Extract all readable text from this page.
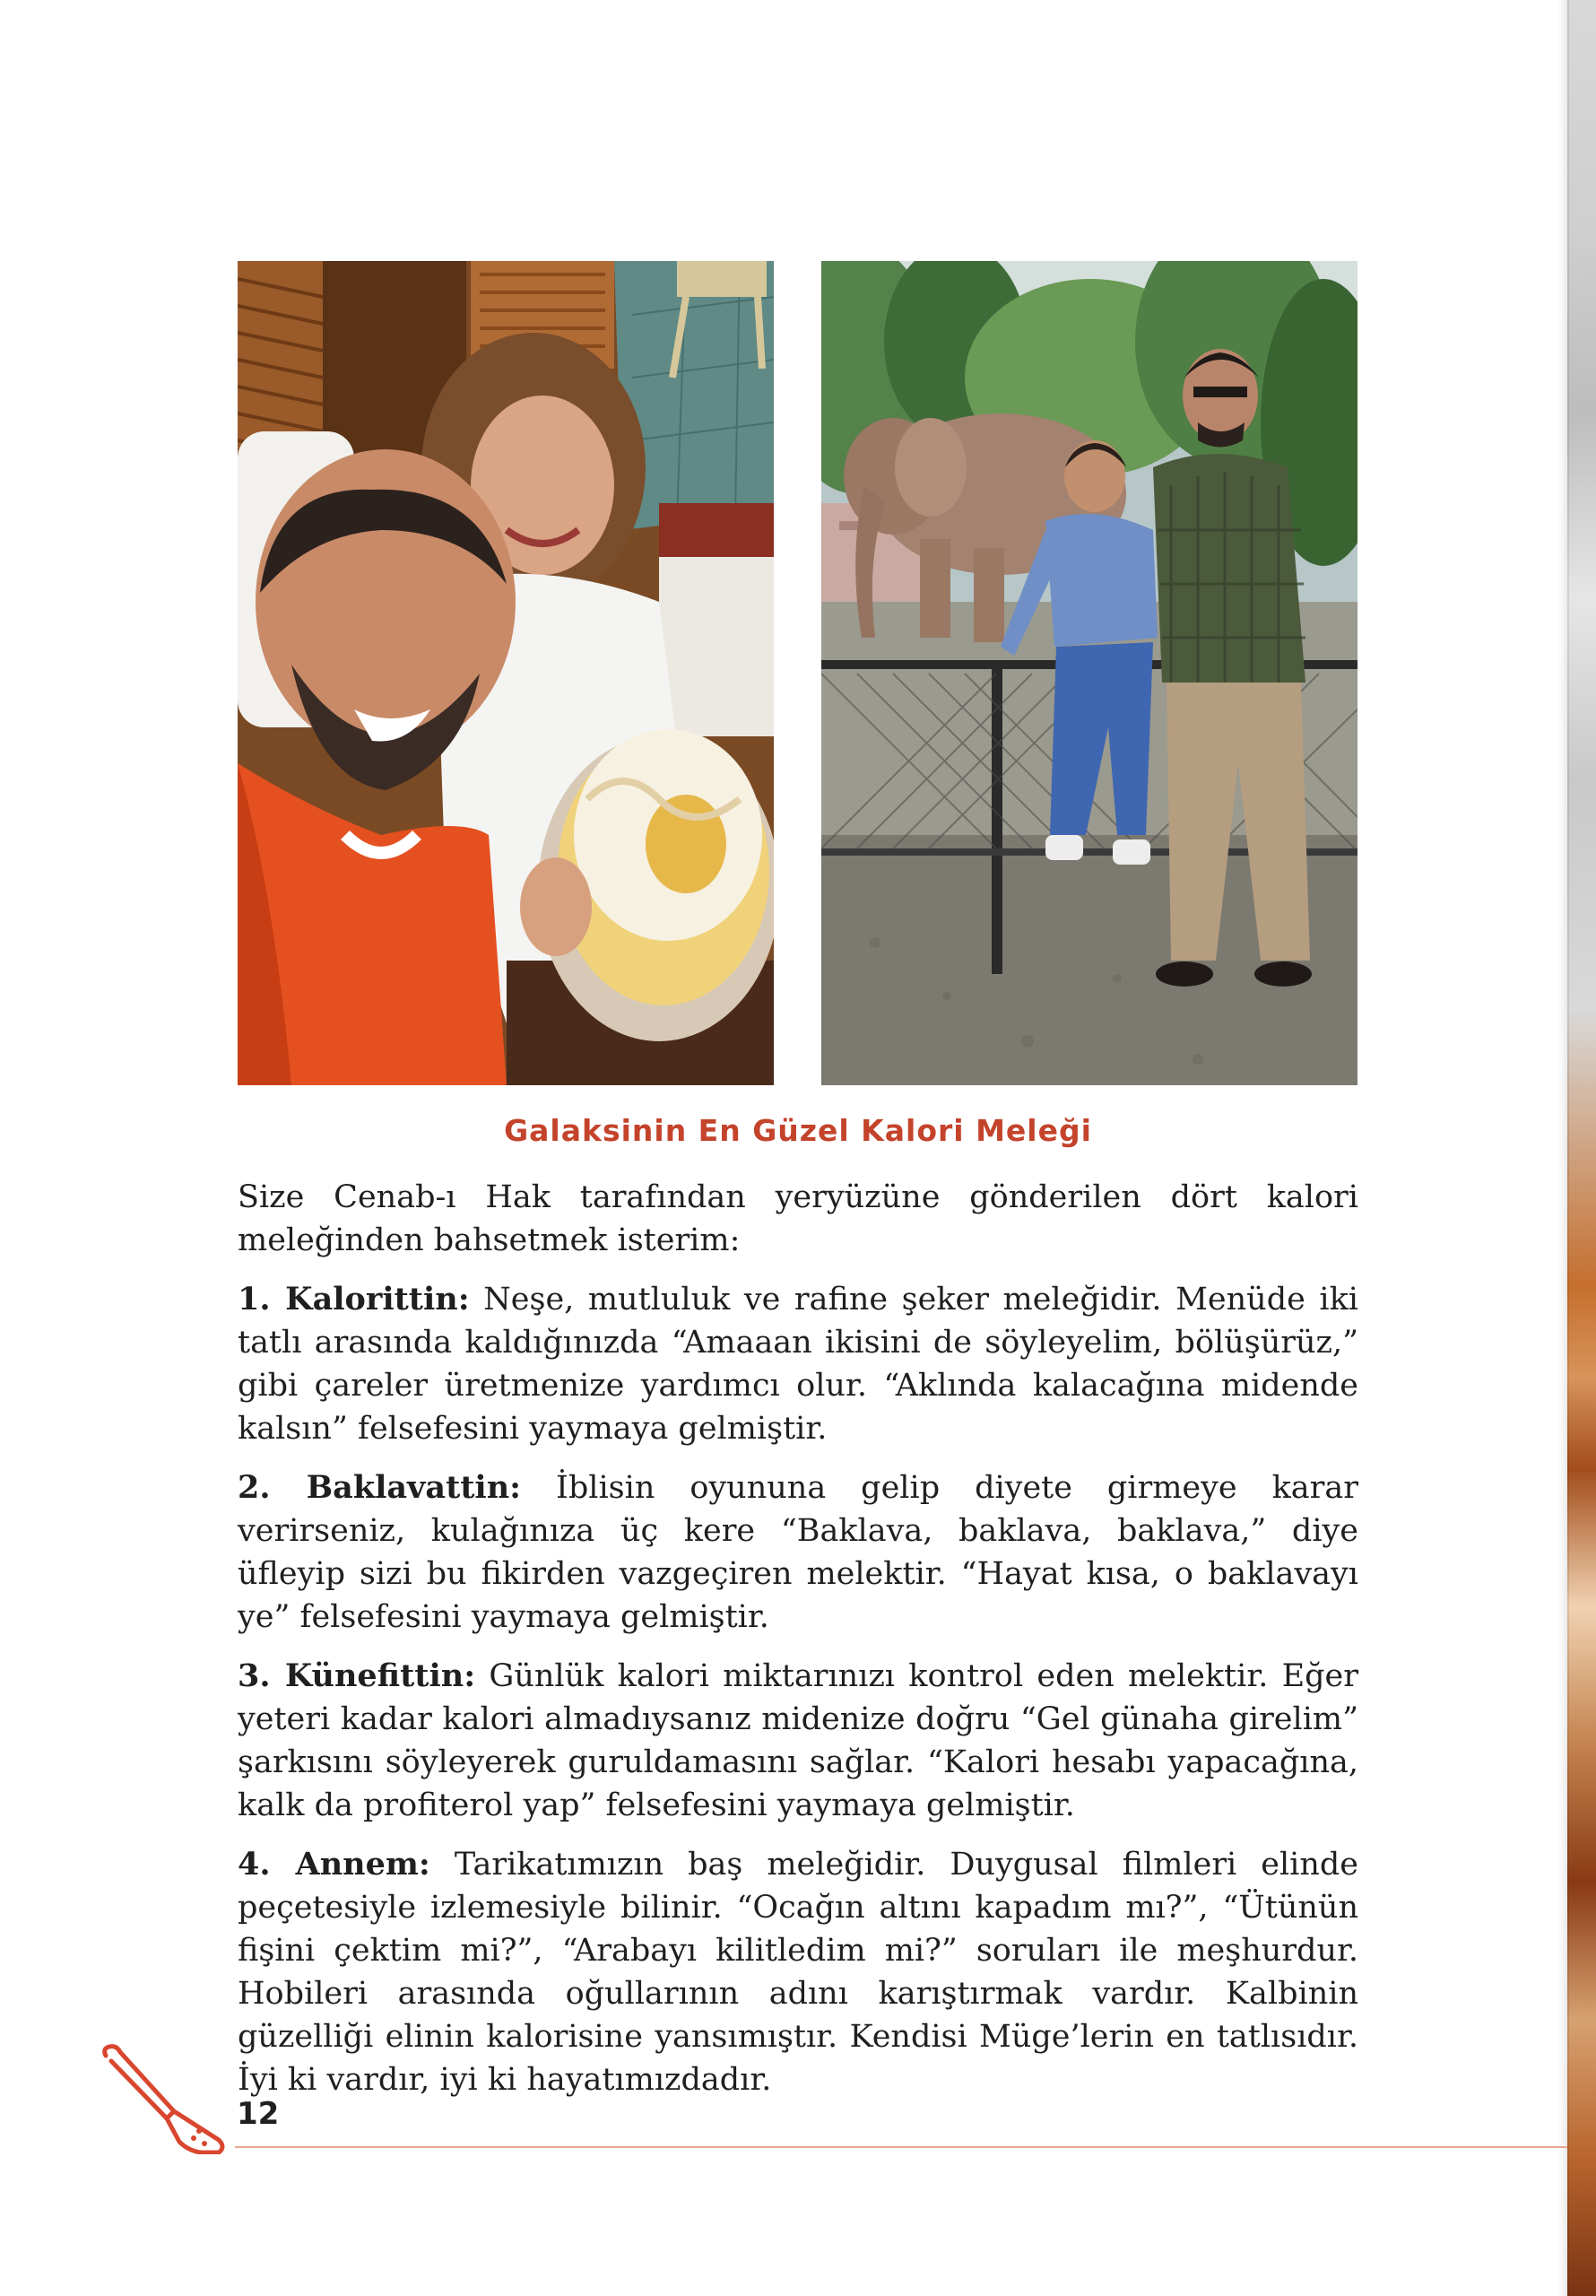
Galaksinin En Güzel Kalori Meleği

Size Cenab-ı Hak tarafından yeryüzüne gönderilen dört kalori meleğinden bahsetmek isterim:

1. Kalorittin: Neşe, mutluluk ve rafine şeker meleğidir. Menüde iki tatlı arasında kaldığınızda “Amaaan ikisini de söyleyelim, bölüşürüz,” gibi çareler üretmenize yardımcı olur. “Aklında kalacağına midende kalsın” felsefesini yaymaya gelmiştir.

2. Baklavattin: İblisin oyununa gelip diyete girmeye karar verirseniz, kulağınıza üç kere “Baklava, baklava, baklava,” diye üfleyip sizi bu fikirden vazgeçiren melektir. “Hayat kısa, o baklavayı ye” felsefesini yaymaya gelmiştir.

3. Künefittin: Günlük kalori miktarınızı kontrol eden melektir. Eğer yeteri kadar kalori almadıysanız midenize doğru “Gel günaha girelim” şarkısını söyleyerek guruldamasını sağlar. “Kalori hesabı yapacağına, kalk da profiterol yap” felsefesini yaymaya gelmiştir.

4. Annem: Tarikatımızın baş meleğidir. Duygusal filmleri elinde peçetesiyle izlemesiyle bilinir. “Ocağın altını kapadım mı?”, “Ütünün fişini çektim mi?”, “Arabayı kilitledim mi?” soruları ile meşhurdur. Hobileri arasında oğullarının adını karıştırmak vardır. Kalbinin güzelliği elinin kalorisine yansımıştır. Kendisi Müge’lerin en tatlısıdır. İyi ki vardır, iyi ki hayatımızdadır.

12
